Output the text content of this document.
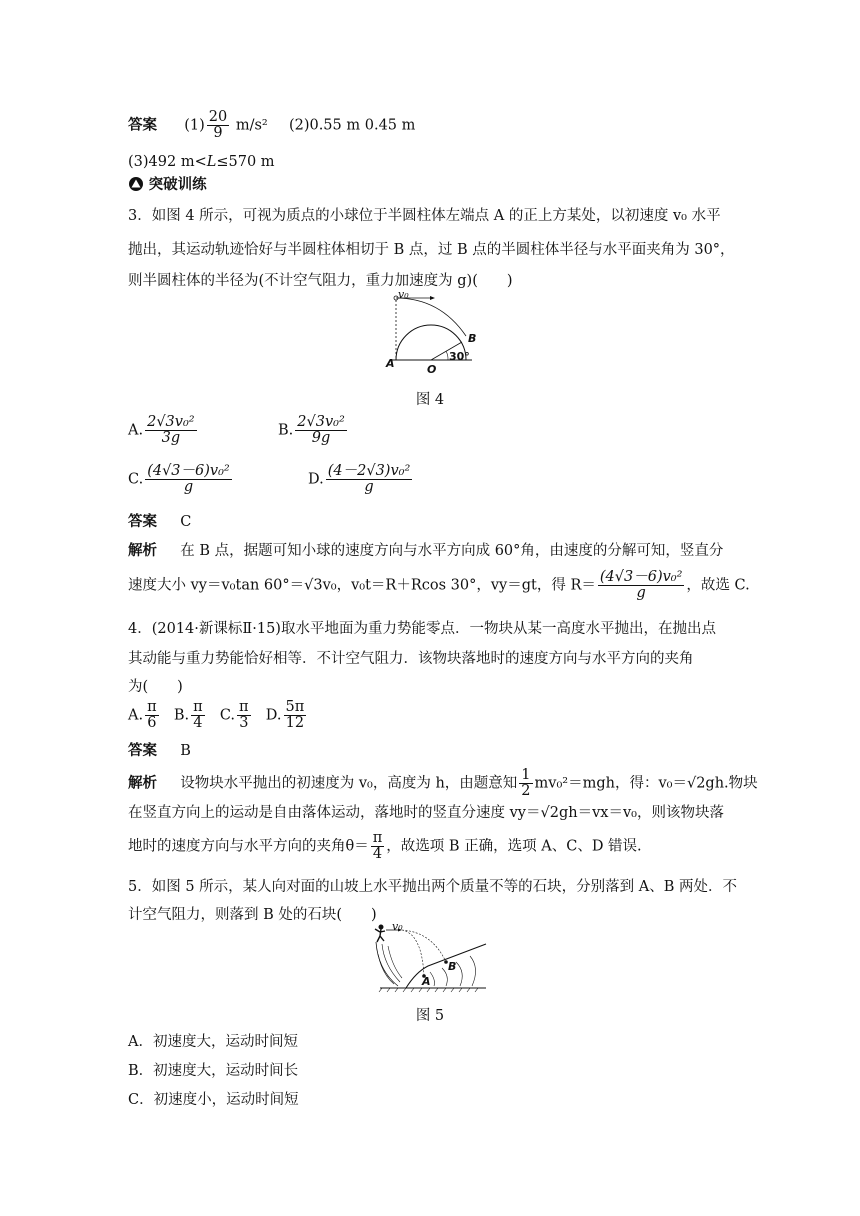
答案 $(1) \frac{20}{9} m/s^2$ (2)0.55 m 0.45 m
(3)492 m<L≤570 m
突破训练
3．如图 4 所示，可视为质点的小球位于半圆柱体左端点 A 的正上方某处，以初速度 v₀ 水平
抛出，其运动轨迹恰好与半圆柱体相切于 B 点，过 B 点的半圆柱体半径与水平面夹角为 30°，
则半圆柱体的半径为(不计空气阻力，重力加速度为 g)(　　)
v₀
A
B
O
30°
图 4
A. $\frac{\text{2√3v₀²}}{3g}$	B. $\frac{\text{2√3v₀²}}{9g}$
C. $\frac{\text{(4√3－6)v₀²}}{g}$	D. $\frac{\text{(4－2√3)v₀²}}{g}$
答案 C
解析 在 B 点，据题可知小球的速度方向与水平方向成 60°角，由速度的分解可知，竖直分
速度大小 vy＝v₀tan 60°＝√3v₀，v₀t＝R＋Rcos 30°，vy＝gt，得 $R= \frac{\text{(4√3－6)v₀²}}{g}$ ，故选 C.
4．(2014·新课标Ⅱ·15)取水平地面为重力势能零点．一物块从某一高度水平抛出，在抛出点
其动能与重力势能恰好相等．不计空气阻力．该物块落地时的速度方向与水平方向的夹角
为(　　)
A. $\frac{\pi}{6} B$. $\frac{\pi}{4} C$. $\frac{\pi}{3} D$. $\frac{5\pi}{12}$
答案 B
解析 设物块水平抛出的初速度为 v₀，高度为 h，由题意知 $\frac{1}{2} mv_0^2=mgh$，得：v₀＝√2gh.物块
在竖直方向上的运动是自由落体运动，落地时的竖直分速度 vy＝√2gh＝vx＝v₀，则该物块落
地时的速度方向与水平方向的夹角$\theta= \frac{\pi}{4}$ ，故选项 B 正确，选项 A、C、D 错误.
5．如图 5 所示，某人向对面的山坡上水平抛出两个质量不等的石块，分别落到 A、B 两处．不
计空气阻力，则落到 B 处的石块(　　)
v₀
A
B
图 5
A．初速度大，运动时间短
B．初速度大，运动时间长
C．初速度小，运动时间短
